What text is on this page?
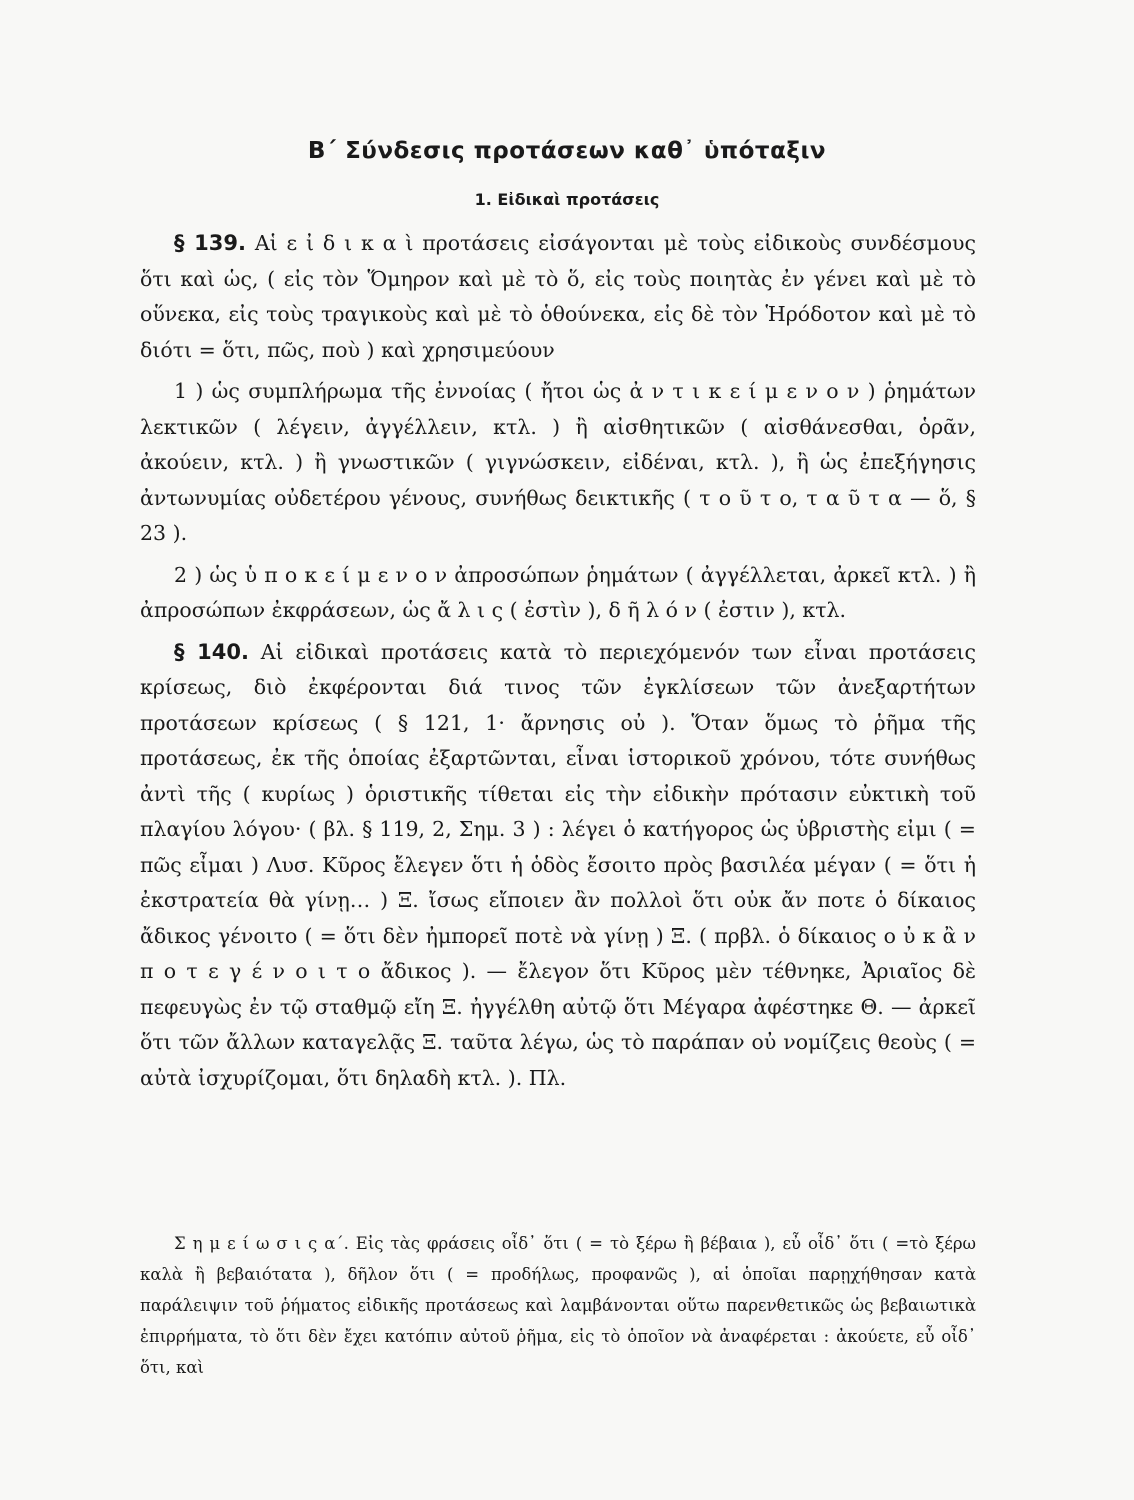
Β΄ Σύνδεσις προτάσεων καθ᾽ ὑπόταξιν
1. Εἰδικαὶ προτάσεις

§ 139. Αἱ ε ἰ δ ι κ α ὶ προτάσεις εἰσάγονται μὲ τοὺς εἰδικοὺς συνδέσμους ὅτι καὶ ὡς, ( εἰς τὸν Ὅμηρον καὶ μὲ τὸ ὅ, εἰς τοὺς ποιητὰς ἐν γένει καὶ μὲ τὸ οὕνεκα, εἰς τοὺς τραγικοὺς καὶ μὲ τὸ ὁθούνεκα, εἰς δὲ τὸν Ἡρόδοτον καὶ μὲ τὸ διότι = ὅτι, πῶς, ποὺ ) καὶ χρησιμεύουν

1 ) ὡς συμπλήρωμα τῆς ἐννοίας ( ἤτοι ὡς ἀ ν τ ι κ ε ί μ ε ν ο ν ) ῥημάτων λεκτικῶν ( λέγειν, ἀγγέλλειν, κτλ. ) ἢ αἰσθητικῶν ( αἰσθάνεσθαι, ὁρᾶν, ἀκούειν, κτλ. ) ἢ γνωστικῶν ( γιγνώσκειν, εἰδέναι, κτλ. ), ἢ ὡς ἐπεξήγησις ἀντωνυμίας οὐδετέρου γένους, συνήθως δεικτικῆς ( τ ο ῦ τ ο, τ α ῦ τ α — ὅ, § 23 ).

2 ) ὡς ὑ π ο κ ε ί μ ε ν ο ν ἀπροσώπων ῥημάτων ( ἀγγέλλεται, ἀρκεῖ κτλ. ) ἢ ἀπροσώπων ἐκφράσεων, ὡς ἄ λ ι ς ( ἐστὶν ), δ ῆ λ ό ν ( ἐστιν ), κτλ.

§ 140. Αἱ εἰδικαὶ προτάσεις κατὰ τὸ περιεχόμενόν των εἶναι προτάσεις κρίσεως, διὸ ἐκφέρονται διά τινος τῶν ἐγκλίσεων τῶν ἀνεξαρτήτων προτάσεων κρίσεως ( § 121, 1· ἄρνησις οὐ ). Ὅταν ὅμως τὸ ῥῆμα τῆς προτάσεως, ἐκ τῆς ὁποίας ἐξαρτῶνται, εἶναι ἱστορικοῦ χρόνου, τότε συνήθως ἀντὶ τῆς ( κυρίως ) ὁριστικῆς τίθεται εἰς τὴν εἰδικὴν πρότασιν εὐκτικὴ τοῦ πλαγίου λόγου· ( βλ. § 119, 2, Σημ. 3 ) : λέγει ὁ κατήγορος ὡς ὑβριστὴς εἰμι ( = πῶς εἶμαι ) Λυσ. Κῦρος ἔλεγεν ὅτι ἡ ὁδὸς ἔσοιτο πρὸς βασιλέα μέγαν ( = ὅτι ἡ ἐκστρατεία θὰ γίνῃ… ) Ξ. ἴσως εἴποιεν ἂν πολλοὶ ὅτι οὐκ ἄν ποτε ὁ δίκαιος ἄδικος γένοιτο ( = ὅτι δὲν ἠμπορεῖ ποτὲ νὰ γίνῃ ) Ξ. ( πρβλ. ὁ δίκαιος ο ὐ κ ἂ ν π ο τ ε γ έ ν ο ι τ ο ἄδικος ). — ἔλεγον ὅτι Κῦρος μὲν τέθνηκε, Ἀριαῖος δὲ πεφευγὼς ἐν τῷ σταθμῷ εἴη Ξ. ἠγγέλθη αὐτῷ ὅτι Μέγαρα ἀφέστηκε Θ. — ἀρκεῖ ὅτι τῶν ἄλλων καταγελᾷς Ξ. ταῦτα λέγω, ὡς τὸ παράπαν οὐ νομίζεις θεοὺς ( = αὐτὰ ἰσχυρίζομαι, ὅτι δηλαδὴ κτλ. ). Πλ.

Σ η μ ε ί ω σ ι ς α΄. Εἰς τὰς φράσεις οἶδ᾽ ὅτι ( = τὸ ξέρω ἢ βέβαια ), εὖ οἶδ᾽ ὅτι ( =τὸ ξέρω καλὰ ἢ βεβαιότατα ), δῆλον ὅτι ( = προδήλως, προφανῶς ), αἱ ὁποῖαι παρῃχήθησαν κατὰ παράλειψιν τοῦ ῥήματος εἰδικῆς προτάσεως καὶ λαμβάνονται οὕτω παρενθετικῶς ὡς βεβαιωτικὰ ἐπιρρήματα, τὸ ὅτι δὲν ἔχει κατόπιν αὐτοῦ ῥῆμα, εἰς τὸ ὁποῖον νὰ ἀναφέρεται : ἀκούετε, εὖ οἶδ᾽ ὅτι, καὶ
